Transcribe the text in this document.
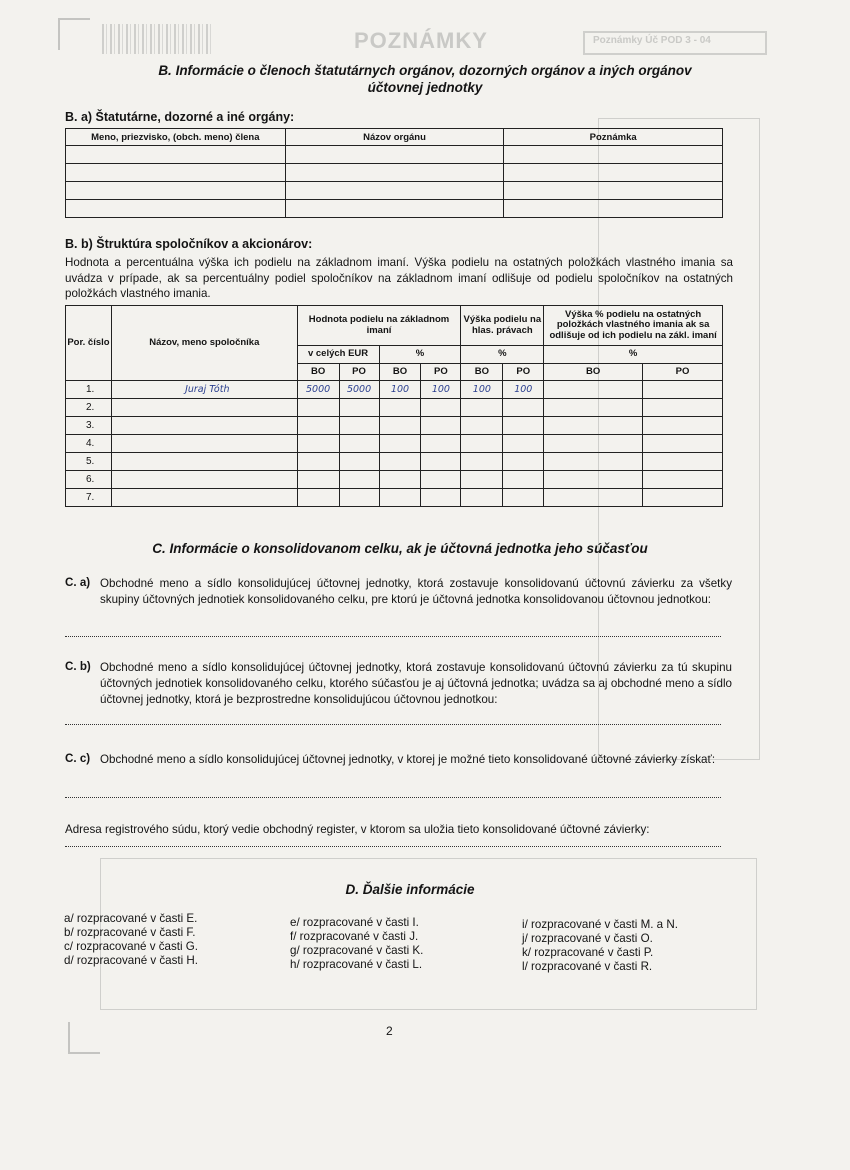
POZNÁMKY	Poznámky Úč POD 3 - 04
B. Informácie o členoch štatutárnych orgánov, dozorných orgánov a iných orgánov
účtovnej jednotky
B. a) Štatutárne, dozorné a iné orgány:
Meno, priezvisko, (obch. meno) člena	Názov orgánu	Poznámka

B. b) Štruktúra spoločníkov a akcionárov:
Hodnota a percentuálna výška ich podielu na základnom imaní. Výška podielu na ostatných položkách vlastného imania sa uvádza v prípade, ak sa percentuálny podiel spoločníkov na základnom imaní odlišuje od podielu spoločníkov na ostatných položkách vlastného imania.
Por. číslo	Názov, meno spoločníka	Hodnota podielu na základnom imaní				Výška podielu na hlas. právach		Výška % podielu na ostatných položkách vlastného imania ak sa odlišuje od ich podielu na zákl. imaní	
		v celých EUR		%		%		%	
		BO	PO	BO	PO	BO	PO	BO	PO
1.	Juraj Tóth	5000	5000	100	100	100	100		
2.									
3.									
4.									
5.									
6.									
7.									
C. Informácie o konsolidovanom celku, ak je účtovná jednotka jeho súčasťou
C. a) Obchodné meno a sídlo konsolidujúcej účtovnej jednotky, ktorá zostavuje konsolidovanú účtovnú závierku za všetky skupiny účtovných jednotiek konsolidovaného celku, pre ktorú je účtovná jednotka konsolidovanou účtovnou jednotkou:
C. b) Obchodné meno a sídlo konsolidujúcej účtovnej jednotky, ktorá zostavuje konsolidovanú účtovnú závierku za tú skupinu účtovných jednotiek konsolidovaného celku, ktorého súčasťou je aj účtovná jednotka; uvádza sa aj obchodné meno a sídlo účtovnej jednotky, ktorá je bezprostredne konsolidujúcou účtovnou jednotkou:
C. c) Obchodné meno a sídlo konsolidujúcej účtovnej jednotky, v ktorej je možné tieto konsolidované účtovné závierky získať:
Adresa registrového súdu, ktorý vedie obchodný register, v ktorom sa uložia tieto konsolidované účtovné závierky:
D. Ďalšie informácie
a/ rozpracované v časti E.
b/ rozpracované v časti F.
c/ rozpracované v časti G.
d/ rozpracované v časti H.
e/ rozpracované v časti I.
f/ rozpracované v časti J.
g/ rozpracované v časti K.
h/ rozpracované v časti L.
i/ rozpracované v časti M. a N.
j/ rozpracované v časti O.
k/ rozpracované v časti P.
l/ rozpracované v časti R.
2
